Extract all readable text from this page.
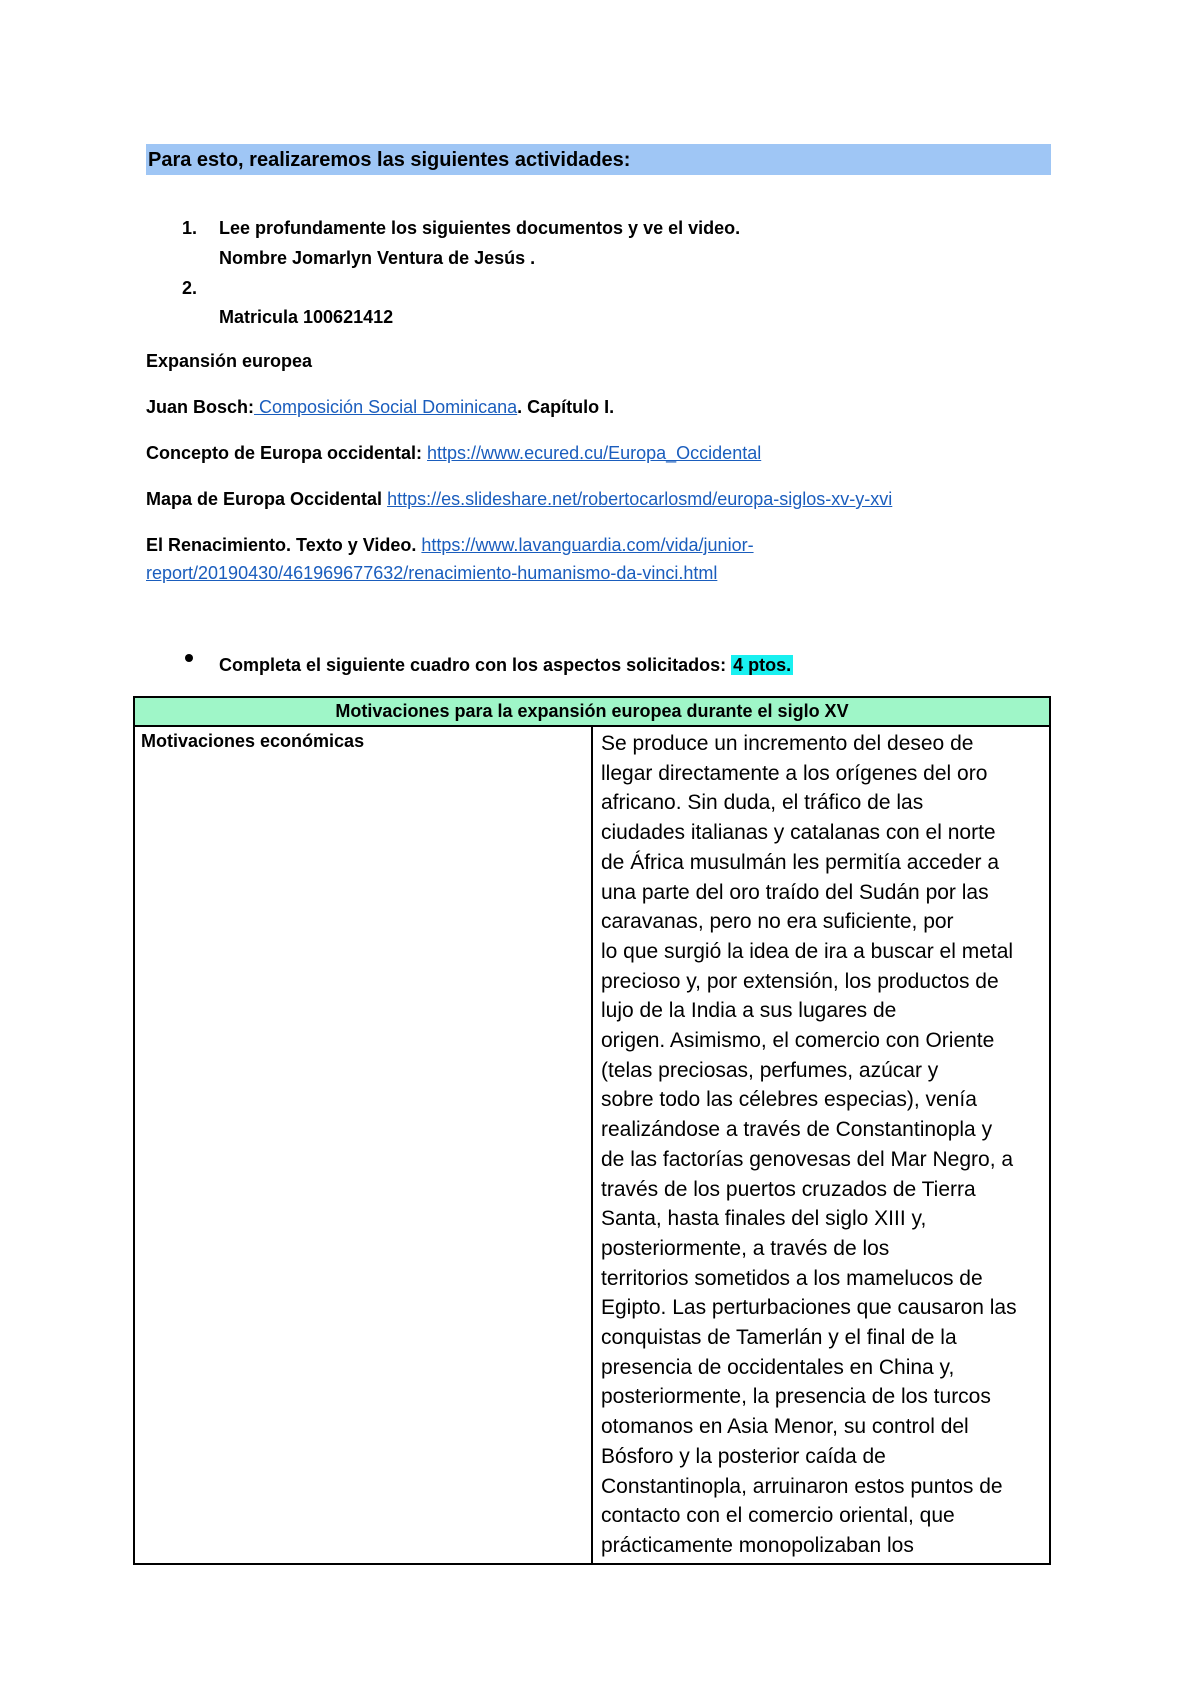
Para esto, realizaremos las siguientes actividades:
1. Lee profundamente los siguientes documentos y ve el video.
Nombre Jomarlyn Ventura de Jesús .
2.
Matricula 100621412
Expansión europea
Juan Bosch: Composición Social Dominicana. Capítulo I.
Concepto de Europa occidental: https://www.ecured.cu/Europa_Occidental
Mapa de Europa Occidental https://es.slideshare.net/robertocarlosmd/europa-siglos-xv-y-xvi
El Renacimiento. Texto y Video. https://www.lavanguardia.com/vida/junior-
report/20190430/461969677632/renacimiento-humanismo-da-vinci.html
Completa el siguiente cuadro con los aspectos solicitados: 4 ptos.
Motivaciones para la expansión europea durante el siglo XV
Motivaciones económicas	Se produce un incremento del deseo de
llegar directamente a los orígenes del oro
africano. Sin duda, el tráfico de las
ciudades italianas y catalanas con el norte
de África musulmán les permitía acceder a
una parte del oro traído del Sudán por las
caravanas, pero no era suficiente, por
lo que surgió la idea de ira a buscar el metal
precioso y, por extensión, los productos de
lujo de la India a sus lugares de
origen. Asimismo, el comercio con Oriente
(telas preciosas, perfumes, azúcar y
sobre todo las célebres especias), venía
realizándose a través de Constantinopla y
de las factorías genovesas del Mar Negro, a
través de los puertos cruzados de Tierra
Santa, hasta finales del siglo XIII y,
posteriormente, a través de los
territorios sometidos a los mamelucos de
Egipto. Las perturbaciones que causaron las
conquistas de Tamerlán y el final de la
presencia de occidentales en China y,
posteriormente, la presencia de los turcos
otomanos en Asia Menor, su control del
Bósforo y la posterior caída de
Constantinopla, arruinaron estos puntos de
contacto con el comercio oriental, que
prácticamente monopolizaban los
